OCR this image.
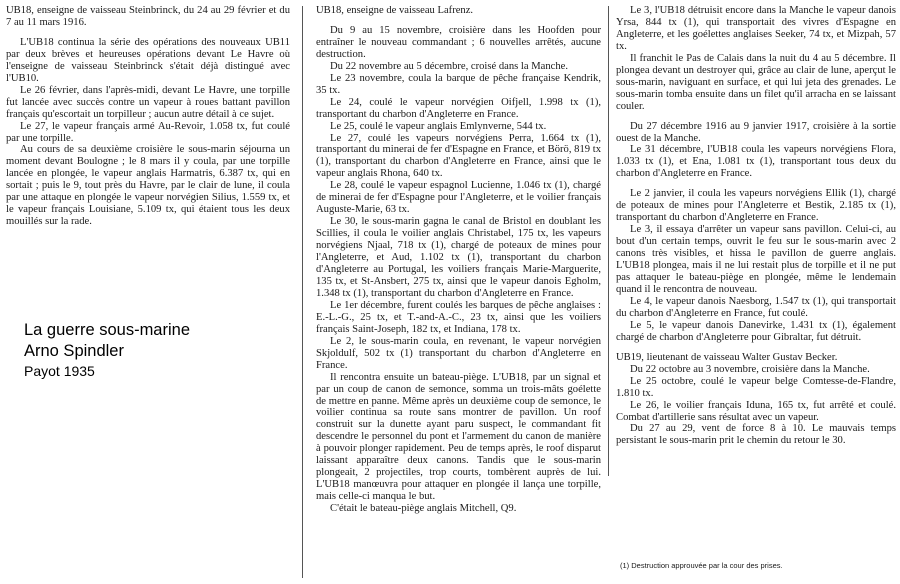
UB18, enseigne de vaisseau Steinbrinck, du 24 au 29 février et du 7 au 11 mars 1916.

L'UB18 continua la série des opérations des nouveaux UB11 par deux brèves et heureuses opérations devant Le Havre où l'enseigne de vaisseau Steinbrinck s'était déjà distingué avec l'UB10.

Le 26 février, dans l'après-midi, devant Le Havre, une torpille fut lancée avec succès contre un vapeur à roues battant pavillon français qu'escortait un torpilleur ; aucun autre détail à ce sujet.

Le 27, le vapeur français armé Au-Revoir, 1.058 tx, fut coulé par une torpille.

Au cours de sa deuxième croisière le sous-marin séjourna un moment devant Boulogne ; le 8 mars il y coula, par une torpille lancée en plongée, le vapeur anglais Harmatris, 6.387 tx, qui en sortait ; puis le 9, tout près du Havre, par le clair de lune, il coula par une attaque en plongée le vapeur norvégien Silius, 1.559 tx, et le vapeur français Louisiane, 5.109 tx, qui étaient tous les deux mouillés sur la rade.

La guerre sous-marine
Arno Spindler
Payot 1935

UB18, enseigne de vaisseau Lafrenz.

Du 9 au 15 novembre, croisière dans les Hoofden pour entraîner le nouveau commandant ; 6 nouvelles arrêtés, aucune destruction.

Du 22 novembre au 5 décembre, croisé dans la Manche.

Le 23 novembre, coula la barque de pêche française Kendrik, 35 tx.

Le 24, coulé le vapeur norvégien Oifjell, 1.998 tx (1), transportant du charbon d'Angleterre en France.

Le 25, coulé le vapeur anglais Emlynverne, 544 tx.

Le 27, coulé les vapeurs norvégiens Perra, 1.664 tx (1), transportant du minerai de fer d'Espagne en France, et Börö, 819 tx (1), transportant du charbon d'Angleterre en France, ainsi que le vapeur anglais Rhona, 640 tx.

Le 28, coulé le vapeur espagnol Lucienne, 1.046 tx (1), chargé de minerai de fer d'Espagne pour l'Angleterre, et le voilier français Auguste-Marie, 63 tx.

Le 30, le sous-marin gagna le canal de Bristol en doublant les Scillies, il coula le voilier anglais Christabel, 175 tx, les vapeurs norvégiens Njaal, 718 tx (1), chargé de poteaux de mines pour l'Angleterre, et Aud, 1.102 tx (1), transportant du charbon d'Angleterre au Portugal, les voiliers français Marie-Marguerite, 135 tx, et St-Ansbert, 275 tx, ainsi que le vapeur danois Egholm, 1.348 tx (1), transportant du charbon d'Angleterre en France.

Le 1er décembre, furent coulés les barques de pêche anglaises : E.-L.-G., 25 tx, et T.-and-A.-C., 23 tx, ainsi que les voiliers français Saint-Joseph, 182 tx, et Indiana, 178 tx.

Le 2, le sous-marin coula, en revenant, le vapeur norvégien Skjoldulf, 502 tx (1) transportant du charbon d'Angleterre en France.

Il rencontra ensuite un bateau-piège. L'UB18, par un signal et par un coup de canon de semonce, somma un trois-mâts goélette de mettre en panne. Même après un deuxième coup de semonce, le voilier continua sa route sans montrer de pavillon. Un roof construit sur la dunette ayant paru suspect, le commandant fit descendre le personnel du pont et l'armement du canon de manière à pouvoir plonger rapidement. Peu de temps après, le roof disparut laissant apparaître deux canons. Tandis que le sous-marin plongeait, 2 projectiles, trop courts, tombèrent auprès de lui. L'UB18 manœuvra pour attaquer en plongée il lança une torpille, mais celle-ci manqua le but.

C'était le bateau-piège anglais Mitchell, Q9.

Le 3, l'UB18 détruisit encore dans la Manche le vapeur danois Yrsa, 844 tx (1), qui transportait des vivres d'Espagne en Angleterre, et les goélettes anglaises Seeker, 74 tx, et Mizpah, 57 tx.

Il franchit le Pas de Calais dans la nuit du 4 au 5 décembre. Il plongea devant un destroyer qui, grâce au clair de lune, aperçut le sous-marin, naviguant en surface, et qui lui jeta des grenades. Le sous-marin tomba ensuite dans un filet qu'il arracha en se laissant couler.

Du 27 décembre 1916 au 9 janvier 1917, croisière à la sortie ouest de la Manche.

Le 31 décembre, l'UB18 coula les vapeurs norvégiens Flora, 1.033 tx (1), et Ena, 1.081 tx (1), transportant tous deux du charbon d'Angleterre en France.

Le 2 janvier, il coula les vapeurs norvégiens Ellik (1), chargé de poteaux de mines pour l'Angleterre et Bestik, 2.185 tx (1), transportant du charbon d'Angleterre en France.

Le 3, il essaya d'arrêter un vapeur sans pavillon. Celui-ci, au bout d'un certain temps, ouvrit le feu sur le sous-marin avec 2 canons très visibles, et hissa le pavillon de guerre anglais. L'UB18 plongea, mais il ne lui restait plus de torpille et il ne put pas attaquer le bateau-piège en plongée, même le lendemain quand il le rencontra de nouveau.

Le 4, le vapeur danois Naesborg, 1.547 tx (1), qui transportait du charbon d'Angleterre en France, fut coulé.

Le 5, le vapeur danois Danevirke, 1.431 tx (1), également chargé de charbon d'Angleterre pour Gibraltar, fut détruit.

UB19, lieutenant de vaisseau Walter Gustav Becker.

Du 22 octobre au 3 novembre, croisière dans la Manche.

Le 25 octobre, coulé le vapeur belge Comtesse-de-Flandre, 1.810 tx.

Le 26, le voilier français Iduna, 165 tx, fut arrêté et coulé. Combat d'artillerie sans résultat avec un vapeur.

Du 27 au 29, vent de force 8 à 10. Le mauvais temps persistant le sous-marin prit le chemin du retour le 30.

(1) Destruction approuvée par la cour des prises.
